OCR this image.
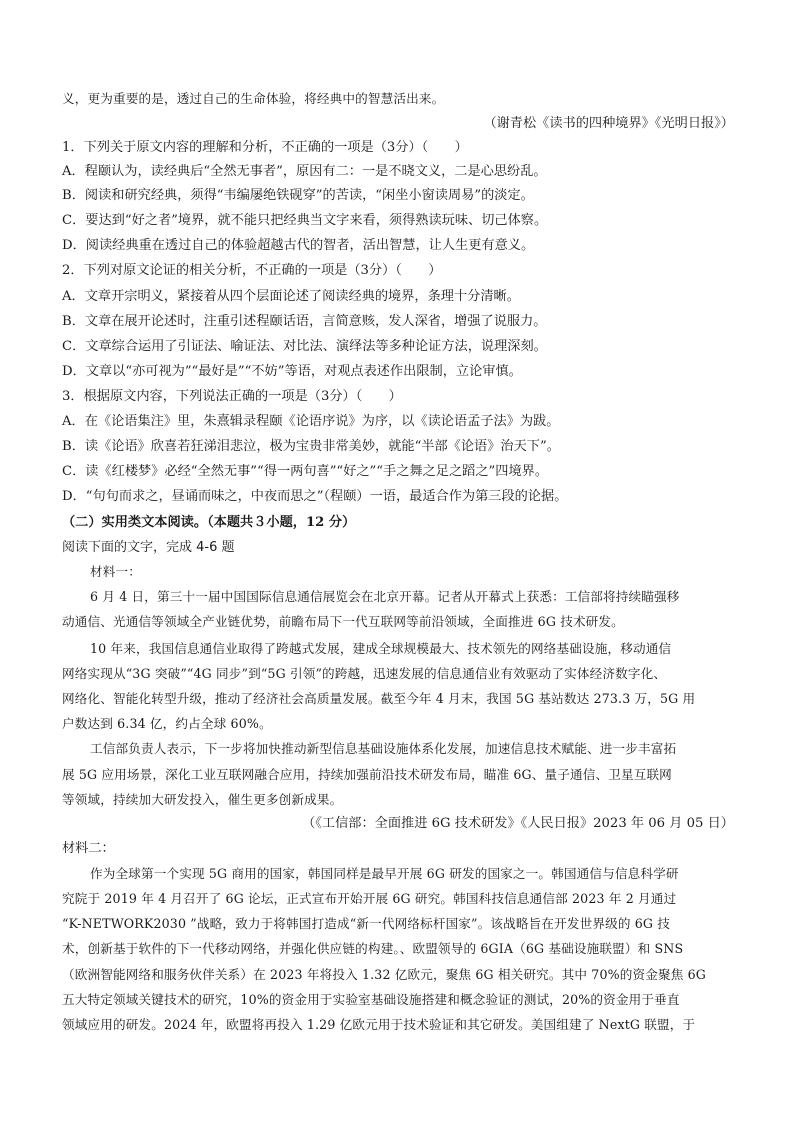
义，更为重要的是，透过自己的生命体验，将经典中的智慧活出来。
（谢青松《读书的四种境界》《光明日报》）
1．下列关于原文内容的理解和分析，不正确的一项是（3分）（　　）
A．程颐认为，读经典后“全然无事者”，原因有二：一是不晓文义，二是心思纷乱。
B．阅读和研究经典，须得“韦编屡绝铁砚穿”的苦读，“闲坐小窗读周易”的淡定。
C．要达到“好之者”境界，就不能只把经典当文字来看，须得熟读玩味、切己体察。
D．阅读经典重在透过自己的体验超越古代的智者，活出智慧，让人生更有意义。
2．下列对原文论证的相关分析，不正确的一项是（3分）（　　）
A．文章开宗明义，紧接着从四个层面论述了阅读经典的境界，条理十分清晰。
B．文章在展开论述时，注重引述程颐话语，言简意赅，发人深省，增强了说服力。
C．文章综合运用了引证法、喻证法、对比法、演绎法等多种论证方法，说理深刻。
D．文章以“亦可视为”“最好是”“不妨”等语，对观点表述作出限制，立论审慎。
3．根据原文内容，下列说法正确的一项是（3分）（　　）
A．在《论语集注》里，朱熹辑录程颐《论语序说》为序，以《读论语孟子法》为跋。
B．读《论语》欣喜若狂涕泪悲泣，极为宝贵非常美妙，就能“半部《论语》治天下”。
C．读《红楼梦》必经“全然无事”“得一两句喜”“好之”“手之舞之足之蹈之”四境界。
D．“句句而求之，昼诵而味之，中夜而思之”（程颐）一语，最适合作为第三段的论据。
（二）实用类文本阅读。（本题共３小题，12 分）
阅读下面的文字，完成 4-6 题
材料一：
6 月 4 日，第三十一届中国国际信息通信展览会在北京开幕。记者从开幕式上获悉：工信部将持续瞄强移
动通信、光通信等领域全产业链优势，前瞻布局下一代互联网等前沿领域，全面推进 6G 技术研发。
10 年来，我国信息通信业取得了跨越式发展，建成全球规模最大、技术领先的网络基础设施，移动通信
网络实现从“3G 突破”“4G 同步”到“5G 引领”的跨越，迅速发展的信息通信业有效驱动了实体经济数字化、
网络化、智能化转型升级，推动了经济社会高质量发展。截至今年 4 月末，我国 5G 基站数达 273.3 万，5G 用
户数达到 6.34 亿，约占全球 60%。
工信部负责人表示，下一步将加快推动新型信息基础设施体系化发展，加速信息技术赋能、进一步丰富拓
展 5G 应用场景，深化工业互联网融合应用，持续加强前沿技术研发布局，瞄准 6G、量子通信、卫星互联网
等领域，持续加大研发投入，催生更多创新成果。
（《工信部：全面推进 6G 技术研发》《人民日报》2023 年 06 月 05 日）
材料二：
作为全球第一个实现 5G 商用的国家，韩国同样是最早开展 6G 研发的国家之一。韩国通信与信息科学研
究院于 2019 年 4 月召开了 6G 论坛，正式宣布开始开展 6G 研究。韩国科技信息通信部 2023 年 2 月通过
“K-NETWORK2030 ”战略，致力于将韩国打造成“新一代网络标杆国家”。该战略旨在开发世界级的 6G 技
术，创新基于软件的下一代移动网络，并强化供应链的构建。、欧盟领导的 6GIA（6G 基础设施联盟）和 SNS
（欧洲智能网络和服务伙伴关系）在 2023 年将投入 1.32 亿欧元，聚焦 6G 相关研究。其中 70%的资金聚焦 6G
五大特定领域关键技术的研究，10%的资金用于实验室基础设施搭建和概念验证的测试，20%的资金用于垂直
领域应用的研发。2024 年，欧盟将再投入 1.29 亿欧元用于技术验证和其它研发。美国组建了 NextG 联盟，于
